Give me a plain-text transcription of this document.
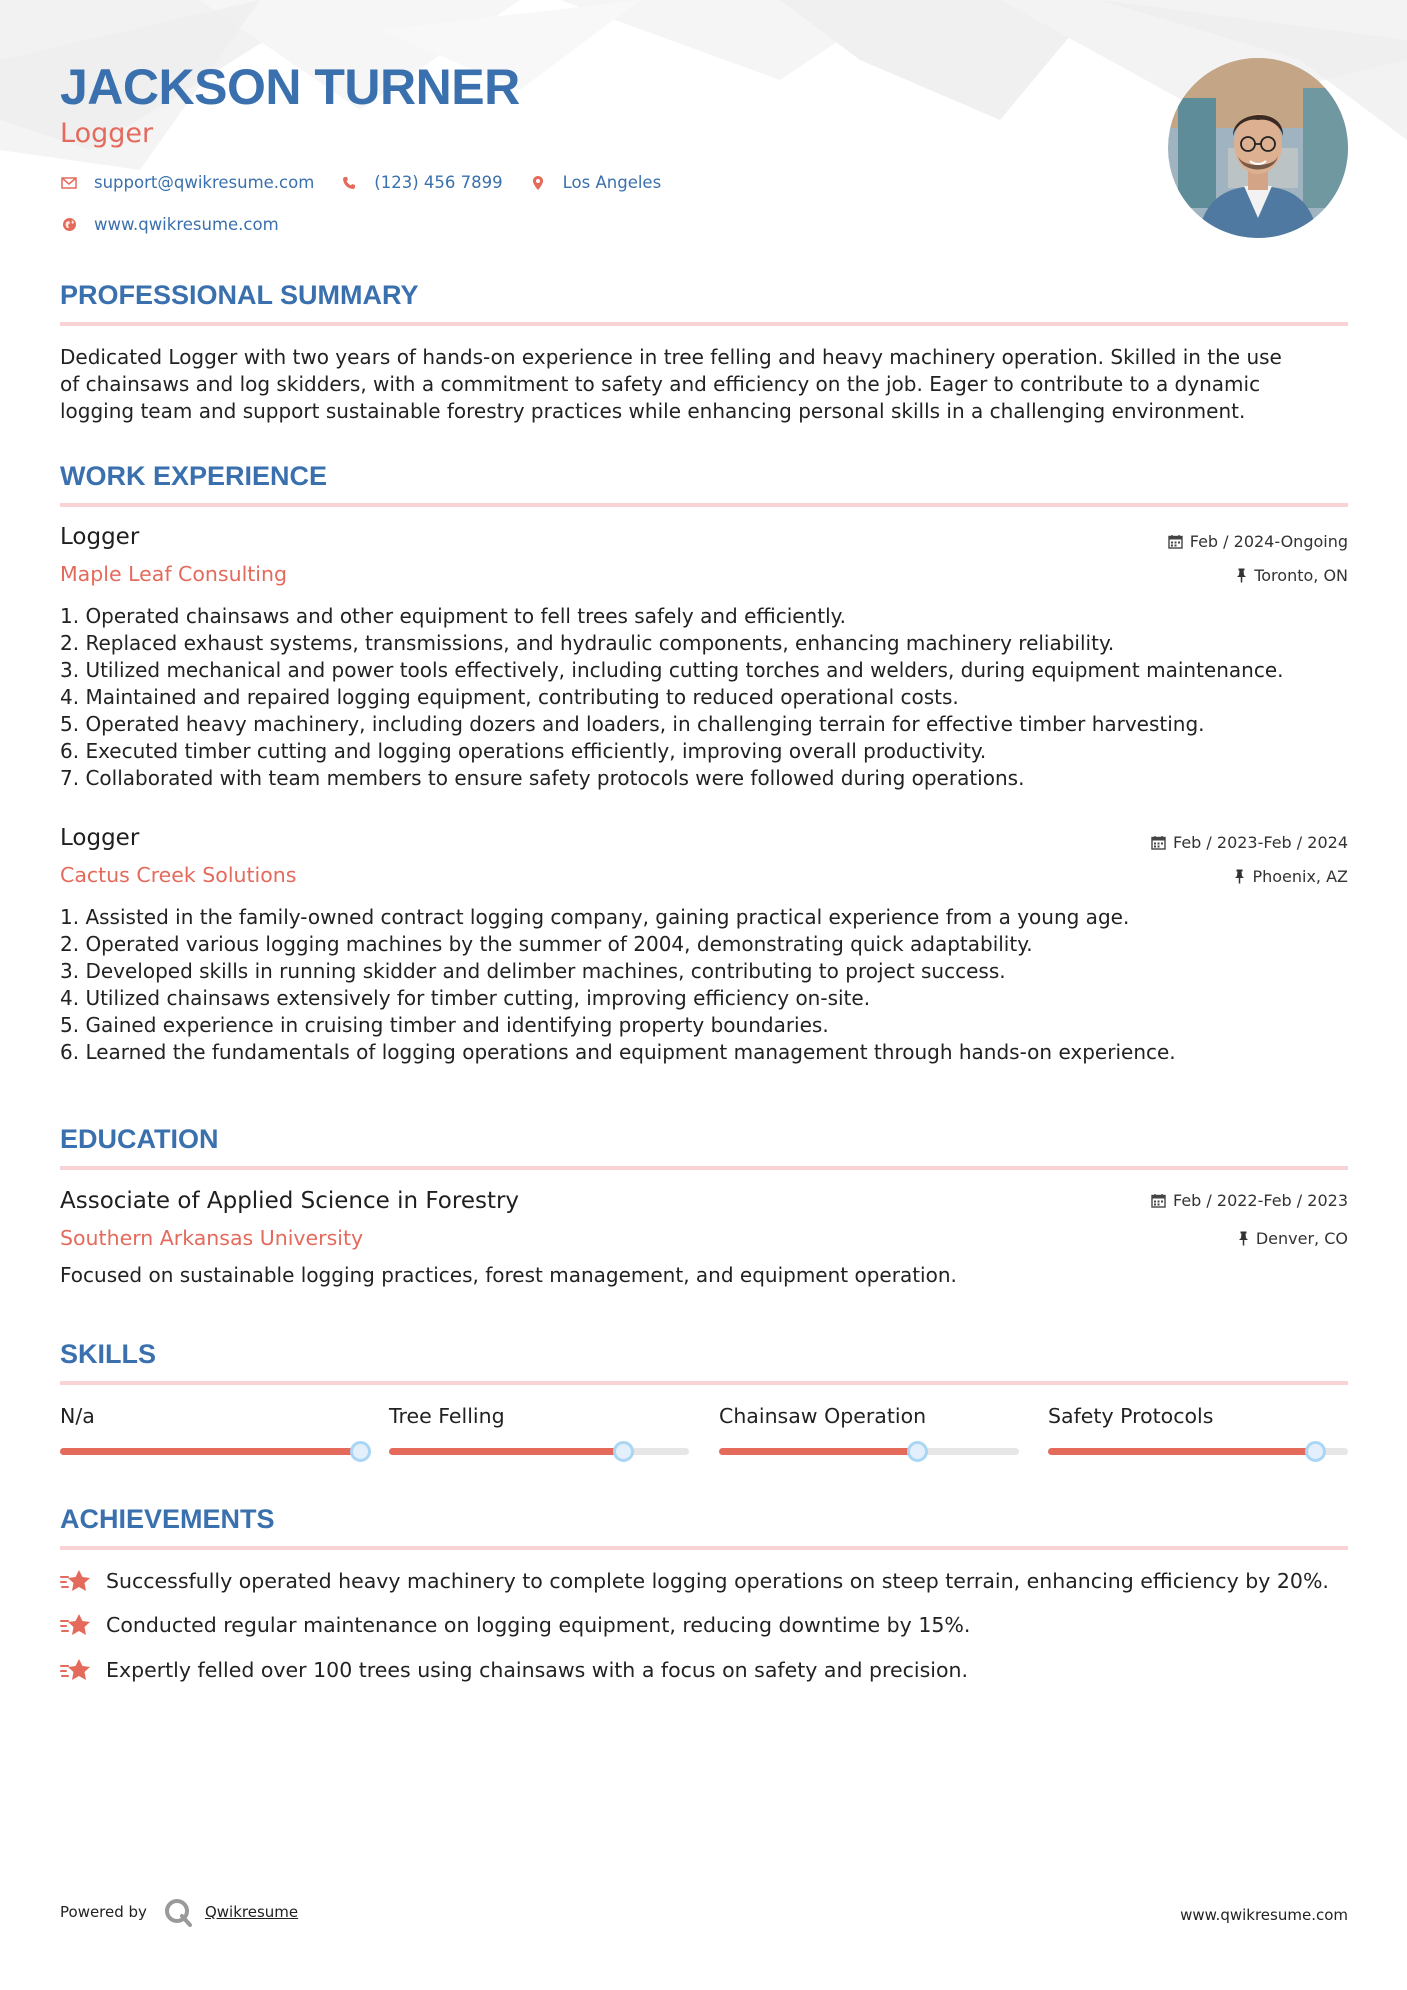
JACKSON TURNER
Logger
support@qwikresume.com	(123) 456 7899	Los Angeles
www.qwikresume.com
PROFESSIONAL SUMMARY
Dedicated Logger with two years of hands-on experience in tree felling and heavy machinery operation. Skilled in the use
of chainsaws and log skidders, with a commitment to safety and efficiency on the job. Eager to contribute to a dynamic
logging team and support sustainable forestry practices while enhancing personal skills in a challenging environment.
WORK EXPERIENCE
Logger	Feb / 2024-Ongoing
Maple Leaf Consulting	Toronto, ON
1. Operated chainsaws and other equipment to fell trees safely and efficiently.
2. Replaced exhaust systems, transmissions, and hydraulic components, enhancing machinery reliability.
3. Utilized mechanical and power tools effectively, including cutting torches and welders, during equipment maintenance.
4. Maintained and repaired logging equipment, contributing to reduced operational costs.
5. Operated heavy machinery, including dozers and loaders, in challenging terrain for effective timber harvesting.
6. Executed timber cutting and logging operations efficiently, improving overall productivity.
7. Collaborated with team members to ensure safety protocols were followed during operations.
Logger	Feb / 2023-Feb / 2024
Cactus Creek Solutions	Phoenix, AZ
1. Assisted in the family-owned contract logging company, gaining practical experience from a young age.
2. Operated various logging machines by the summer of 2004, demonstrating quick adaptability.
3. Developed skills in running skidder and delimber machines, contributing to project success.
4. Utilized chainsaws extensively for timber cutting, improving efficiency on-site.
5. Gained experience in cruising timber and identifying property boundaries.
6. Learned the fundamentals of logging operations and equipment management through hands-on experience.
EDUCATION
Associate of Applied Science in Forestry	Feb / 2022-Feb / 2023
Southern Arkansas University	Denver, CO
Focused on sustainable logging practices, forest management, and equipment operation.
SKILLS
N/a	Tree Felling	Chainsaw Operation	Safety Protocols
ACHIEVEMENTS
Successfully operated heavy machinery to complete logging operations on steep terrain, enhancing efficiency by 20%.
Conducted regular maintenance on logging equipment, reducing downtime by 15%.
Expertly felled over 100 trees using chainsaws with a focus on safety and precision.
Powered by	Qwikresume	www.qwikresume.com
